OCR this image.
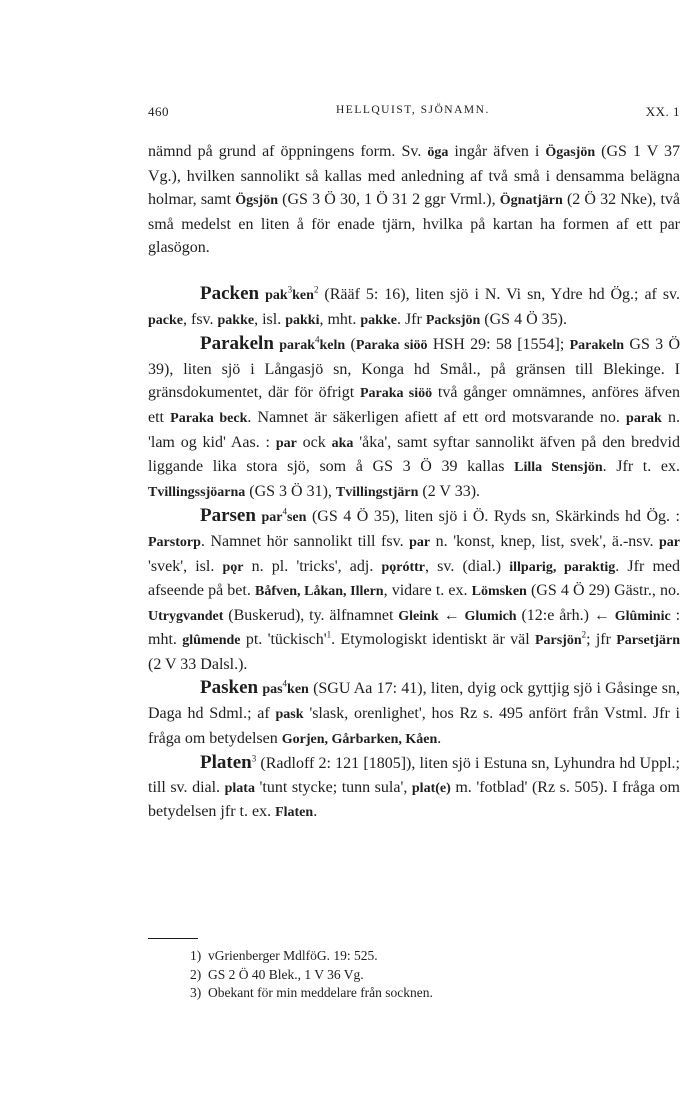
460	HELLQUIST, SJÖNAMN.	XX. 1

nämnd på grund af öppningens form. Sv. öga ingår äfven i Ögasjön (GS 1 V 37 Vg.), hvilken sannolikt så kallas med anledning af två små i densamma belägna holmar, samt Ögsjön (GS 3 Ö 30, 1 Ö 31 2 ggr Vrml.), Ögnatjärn (2 Ö 32 Nke), två små medelst en liten å för enade tjärn, hvilka på kartan ha formen af ett par glasögon.

Packen pak$^3$ken$^2$ (Rääf 5: 16), liten sjö i N. Vi sn, Ydre hd Ög.; af sv. packe, fsv. pakke, isl. pakki, mht. pakke. Jfr Packsjön (GS 4 Ö 35).

Parakeln parak$^4$keln (Paraka siöö HSH 29: 58 [1554]; Parakeln GS 3 Ö 39), liten sjö i Långasjö sn, Konga hd Smål., på gränsen till Blekinge. I gränsdokumentet, där för öfrigt Paraka siöö två gånger omnämnes, anföres äfven ett Paraka beck. Namnet är säkerligen afiett af ett ord motsvarande no. parak n. 'lam og kid' Aas. : par ock aka 'åka', samt syftar sannolikt äfven på den bredvid liggande lika stora sjö, som å GS 3 Ö 39 kallas Lilla Stensjön. Jfr t. ex. Tvillingssjöarna (GS 3 Ö 31), Tvillingstjärn (2 V 33).

Parsen par$^4$sen (GS 4 Ö 35), liten sjö i Ö. Ryds sn, Skärkinds hd Ög. : Parstorp. Namnet hör sannolikt till fsv. par n. 'konst, knep, list, svek', ä.-nsv. par 'svek', isl. pǫr n. pl. 'tricks', adj. pǫróttr, sv. (dial.) illparig, paraktig. Jfr med afseende på bet. Båfven, Låkan, Illern, vidare t. ex. Lömsken (GS 4 Ö 29) Gästr., no. Utrygvandet (Buskerud), ty. älfnamnet Gleink ← Glumich (12:e årh.) ← Glûminic : mht. glûmende pt. '$tückisch'^1$. Etymologiskt identiskt är väl Parsjön$^2$; jfr Parsetjärn (2 V 33 Dalsl.).

Pasken pas$^4$ken (SGU Aa 17: 41), liten, dyig ock gyttjig sjö i Gåsinge sn, Daga hd Sdml.; af pask 'slask, orenlighet', hos Rz s. 495 anfört från Vstml. Jfr i fråga om betydelsen Gorjen, Gårbarken, Kåen.

Platen$^3$ (Radloff 2: 121 [1805]), liten sjö i Estuna sn, Lyhundra hd Uppl.; till sv. dial. plata 'tunt stycke; tunn sula', plat(e) m. 'fotblad' (Rz s. 505). I fråga om betydelsen jfr t. ex. Flaten.

1) vGrienberger MdlföG. 19: 525.
2) GS 2 Ö 40 Blek., 1 V 36 Vg.
3) Obekant för min meddelare från socknen.
